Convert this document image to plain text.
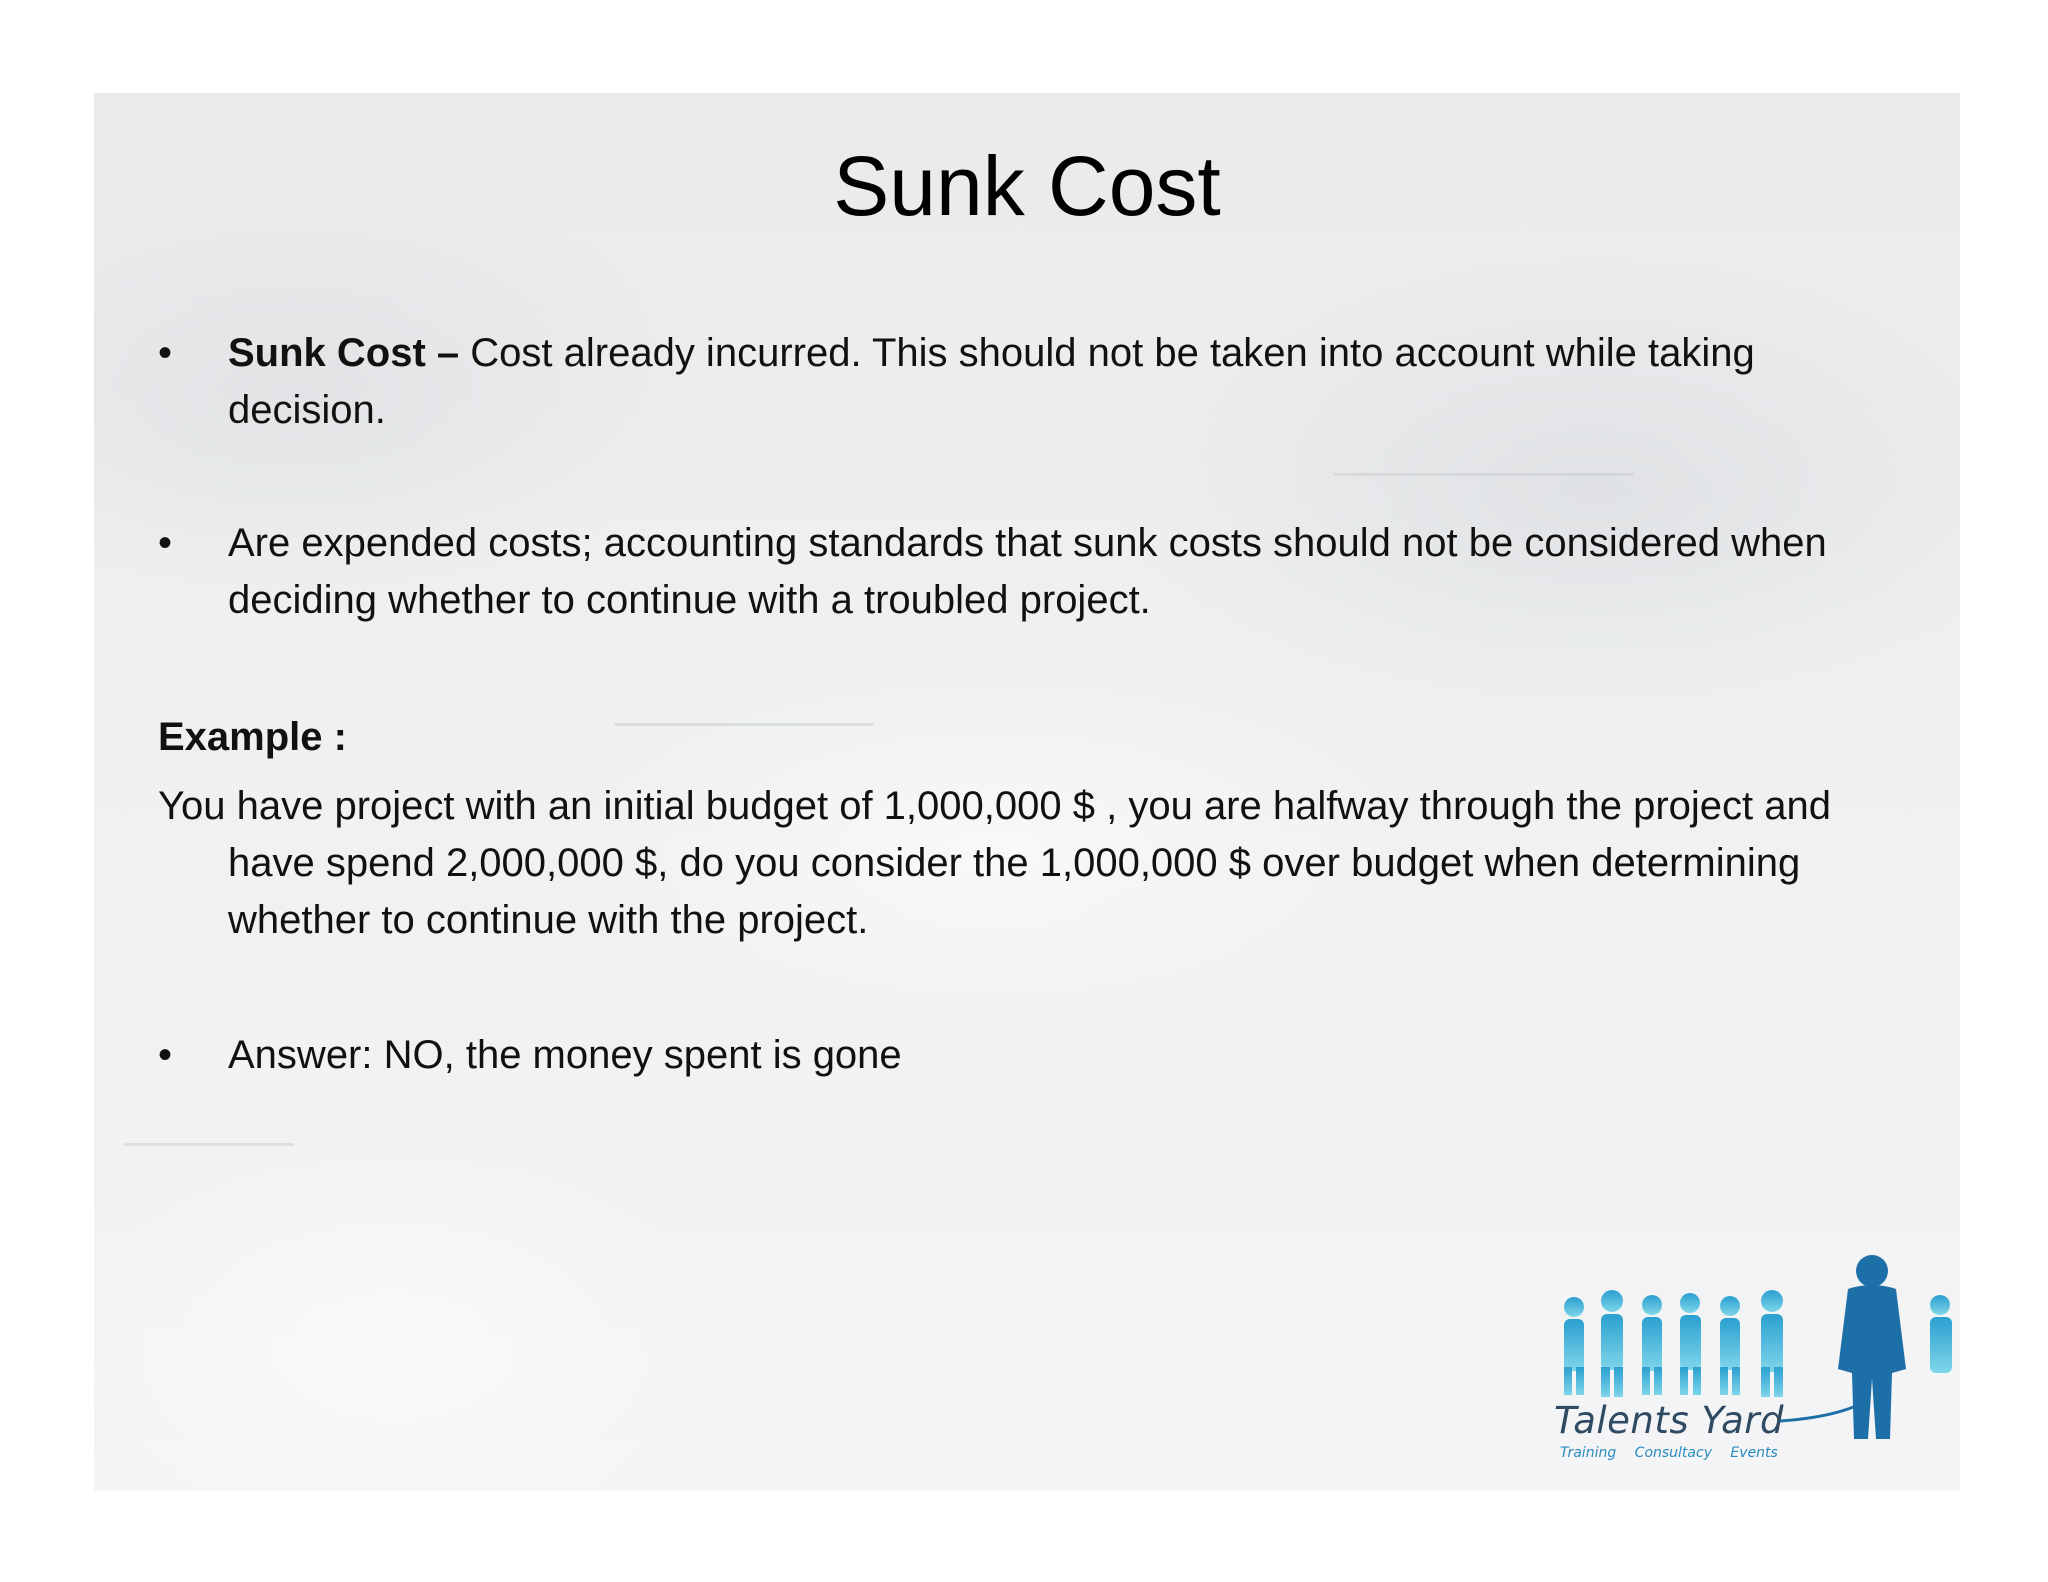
Sunk Cost
•	Sunk Cost – Cost already incurred. This should not be taken into account while taking decision.
•	Are expended costs; accounting standards that sunk costs should not be considered when deciding whether to continue with a troubled project.
Example :
You have project with an initial budget of 1,000,000 $ , you are halfway through the project and have spend 2,000,000 $, do you consider the 1,000,000 $ over budget when determining whether to continue with the project.
•	Answer: NO, the money spent is gone
Talents Yard
Training Consultacy Events
